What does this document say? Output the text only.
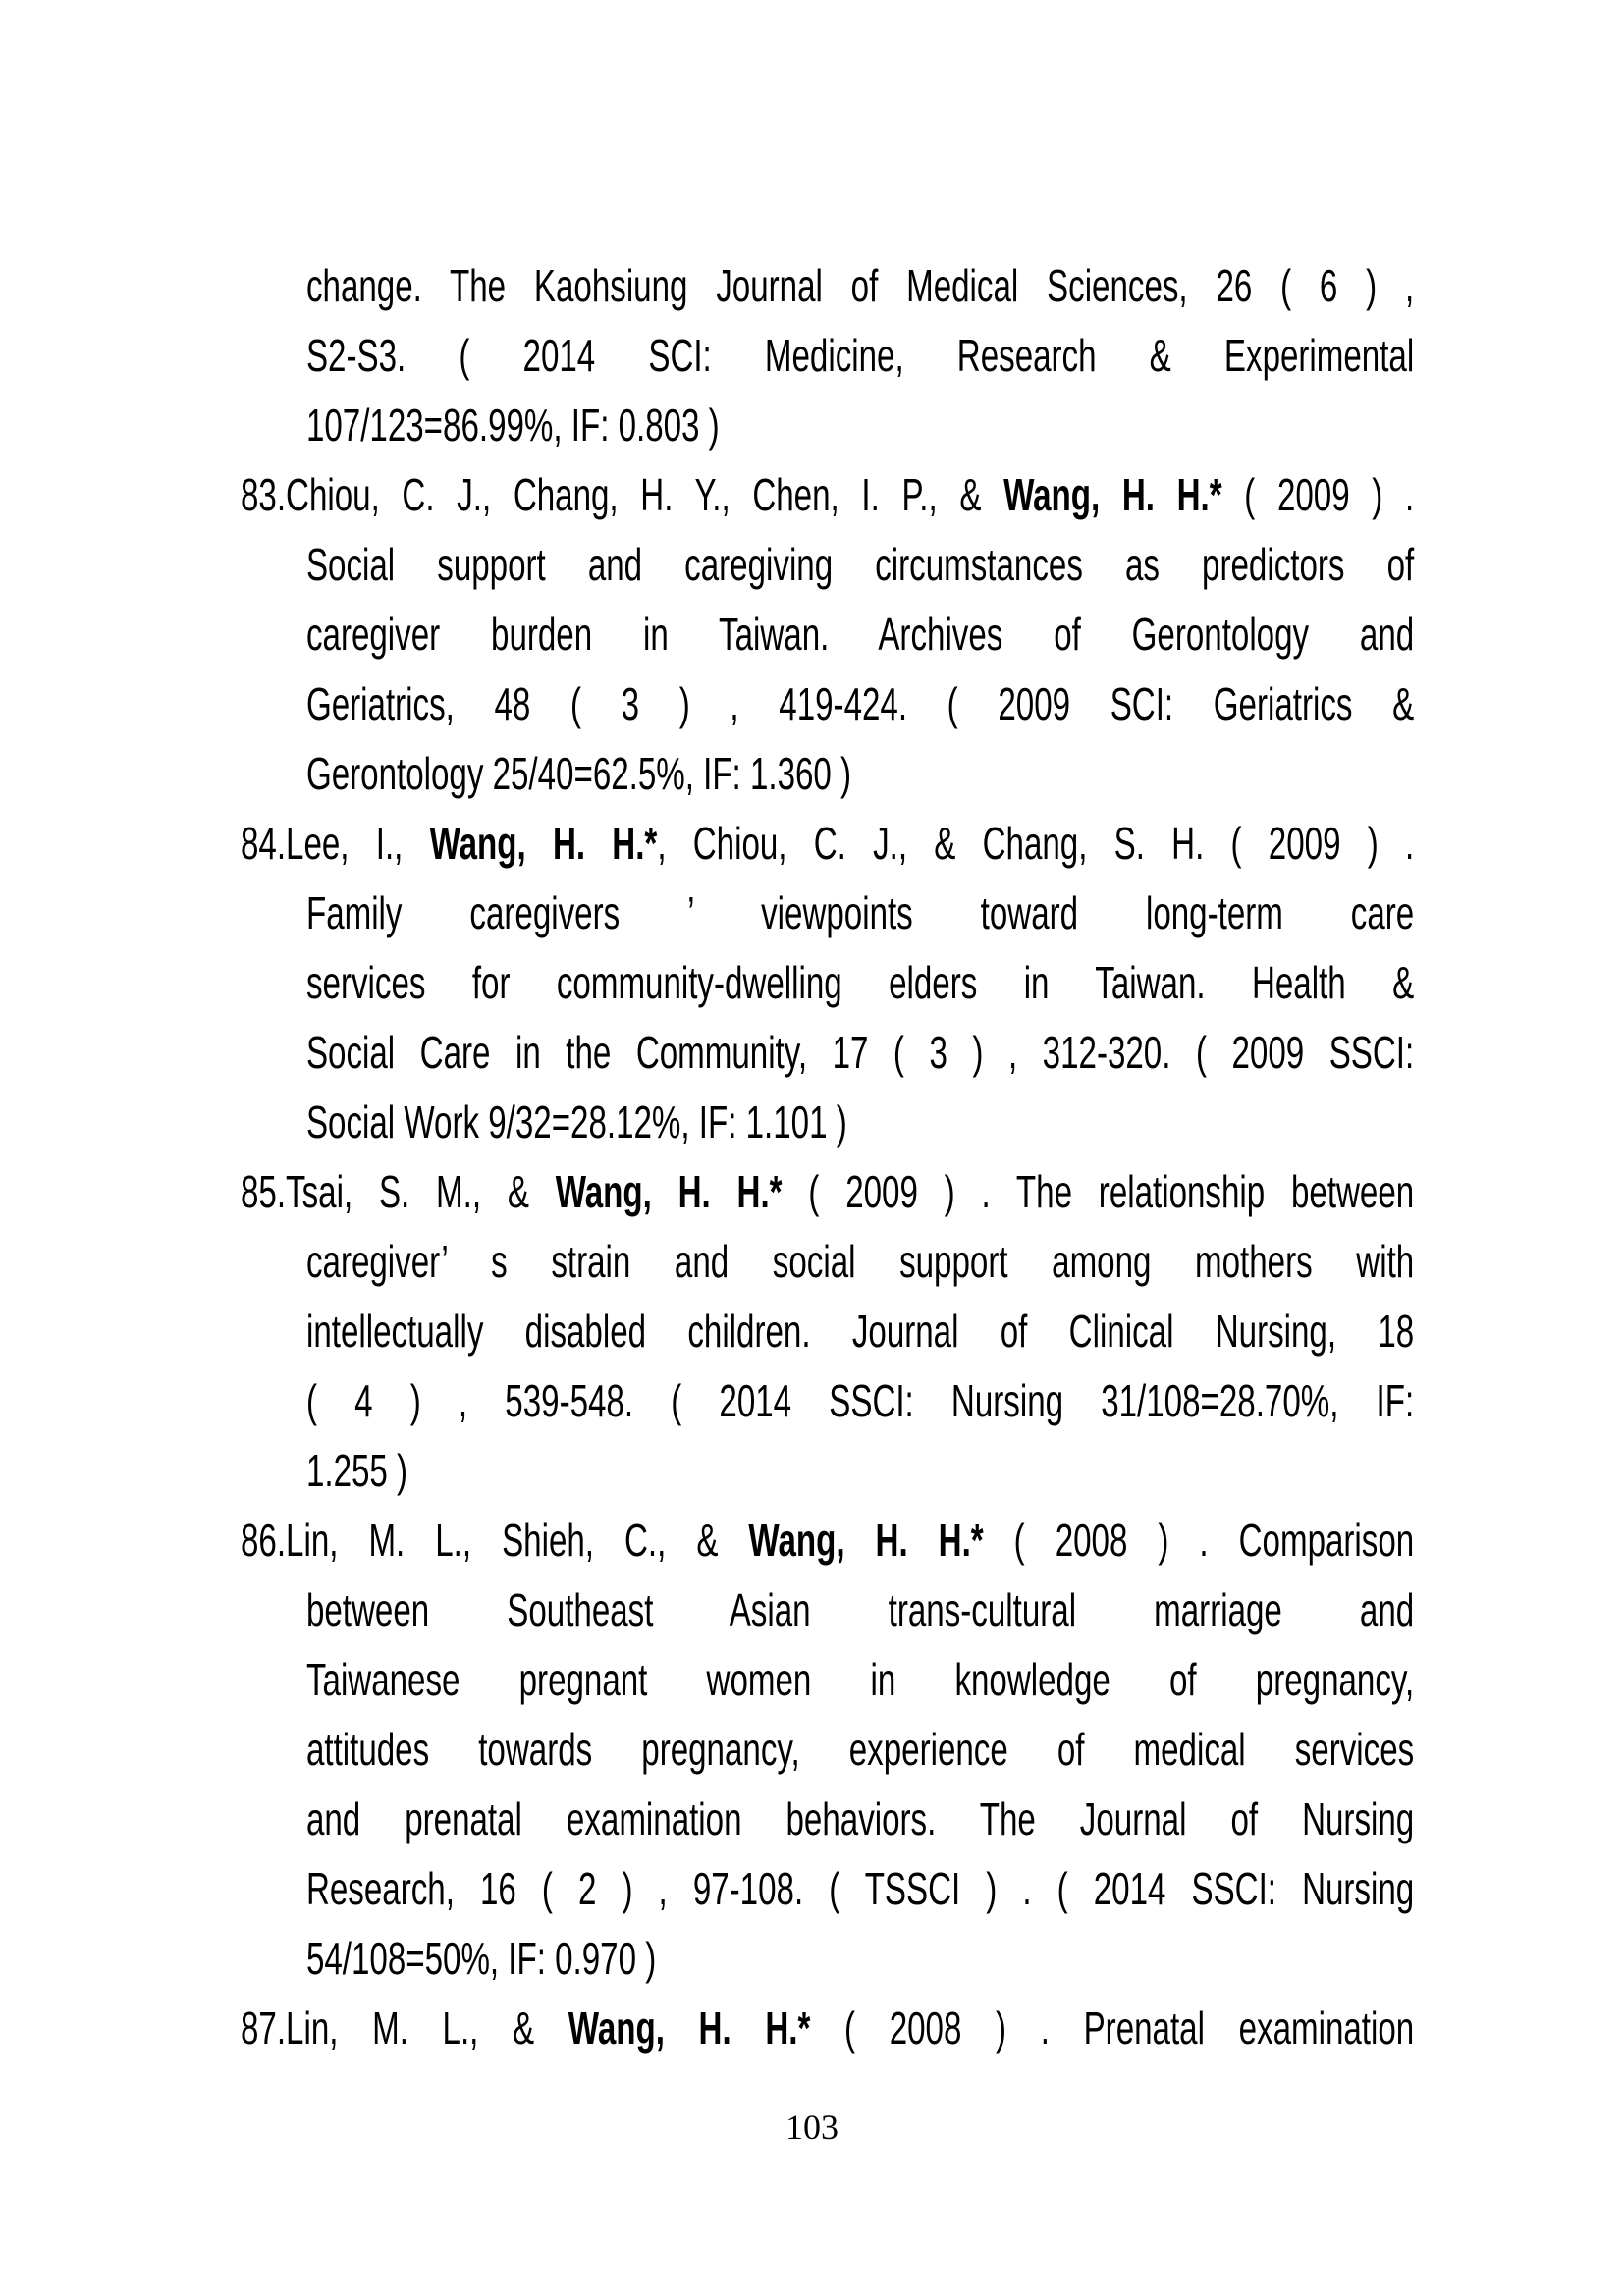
change. The Kaohsiung Journal of Medical Sciences, 26 ( 6 ) ,
S2-S3. ( 2014 SCI: Medicine, Research & Experimental
107/123=86.99%, IF: 0.803 )
83.Chiou, C. J., Chang, H. Y., Chen, I. P., & Wang, H. H.* ( 2009 ) .
Social support and caregiving circumstances as predictors of
caregiver burden in Taiwan. Archives of Gerontology and
Geriatrics, 48 ( 3 ) , 419-424. ( 2009 SCI: Geriatrics &
Gerontology 25/40=62.5%, IF: 1.360 )
84.Lee, I., Wang, H. H.*, Chiou, C. J., & Chang, S. H. ( 2009 ) .
Family caregivers ’ viewpoints toward long-term care
services for community-dwelling elders in Taiwan. Health &
Social Care in the Community, 17 ( 3 ) , 312-320. ( 2009 SSCI:
Social Work 9/32=28.12%, IF: 1.101 )
85.Tsai, S. M., & Wang, H. H.* ( 2009 ) . The relationship between
caregiver’ s strain and social support among mothers with
intellectually disabled children. Journal of Clinical Nursing, 18
( 4 ) , 539-548. ( 2014 SSCI: Nursing 31/108=28.70%, IF:
1.255 )
86.Lin, M. L., Shieh, C., & Wang, H. H.* ( 2008 ) . Comparison
between Southeast Asian trans-cultural marriage and
Taiwanese pregnant women in knowledge of pregnancy,
attitudes towards pregnancy, experience of medical services
and prenatal examination behaviors. The Journal of Nursing
Research, 16 ( 2 ) , 97-108. ( TSSCI ) . ( 2014 SSCI: Nursing
54/108=50%, IF: 0.970 )
87.Lin, M. L., & Wang, H. H.* ( 2008 ) . Prenatal examination
103
